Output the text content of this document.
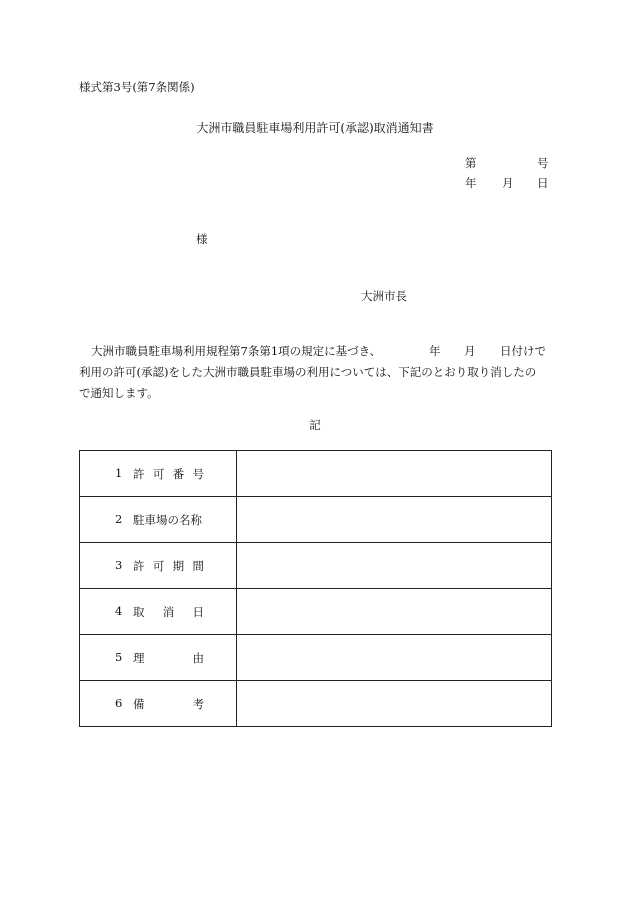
様式第3号(第7条関係)
大洲市職員駐車場利用許可(承認)取消通知書
第	号
年 月 日
様
大洲市長
大洲市職員駐車場利用規程第7条第1項の規定に基づき、	年 月 日付けで
利用の許可(承認)をした大洲市職員駐車場の利用については、下記のとおり取り消したの
で通知します。
記
1 許 可 番 号	

2 駐車場の名称	

3 許 可 期 間	

4 取 消 日	

5 理 由	

6 備 考	
